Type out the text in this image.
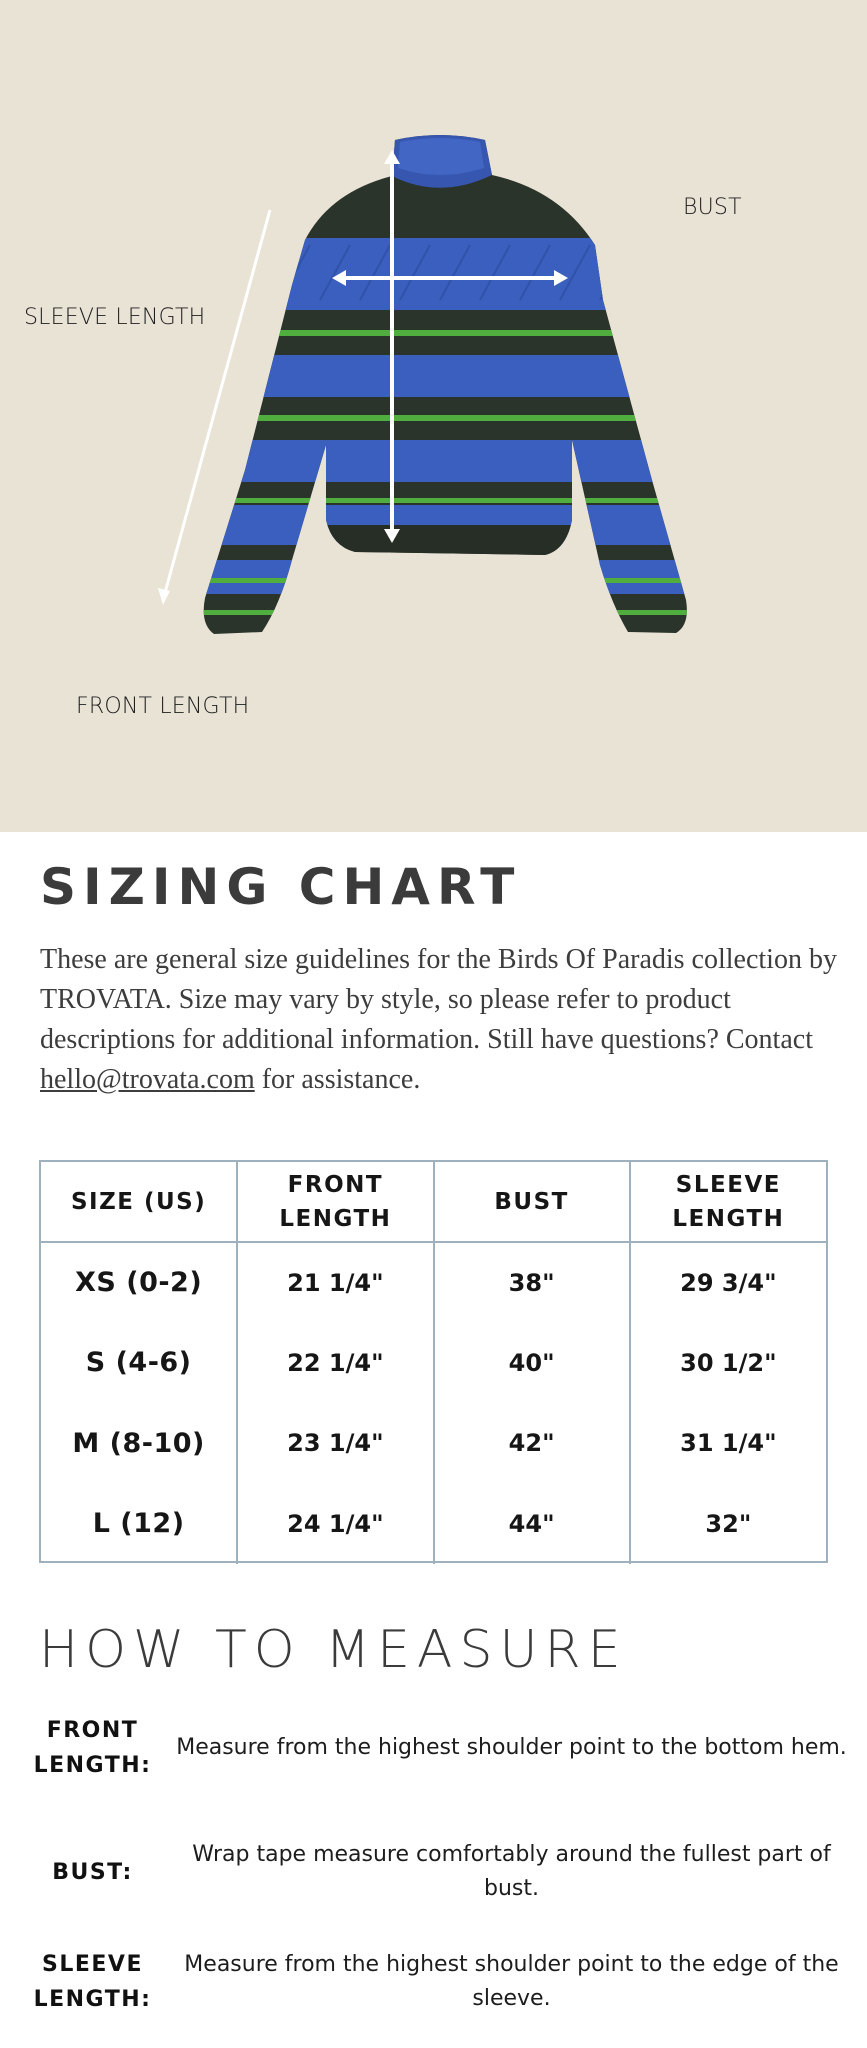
SLEEVE LENGTH
BUST
FRONT LENGTH
SIZING CHART

These are general size guidelines for the Birds Of Paradis collection by TROVATA. Size may vary by style, so please refer to product descriptions for additional information. Still have questions? Contact hello@trovata.com for assistance.

SIZE (US)	FRONT LENGTH	BUST	SLEEVE LENGTH
XS (0-2)	21 1/4"	38"	29 3/4"
S (4-6)	22 1/4"	40"	30 1/2"
M (8-10)	23 1/4"	42"	31 1/4"
L (12)	24 1/4"	44"	32"
HOW TO MEASURE
FRONT
LENGTH:
Measure from the highest shoulder point to the bottom hem.
BUST:
Wrap tape measure comfortably around the fullest part of bust.
SLEEVE
LENGTH:
Measure from the highest shoulder point to the edge of the sleeve.
